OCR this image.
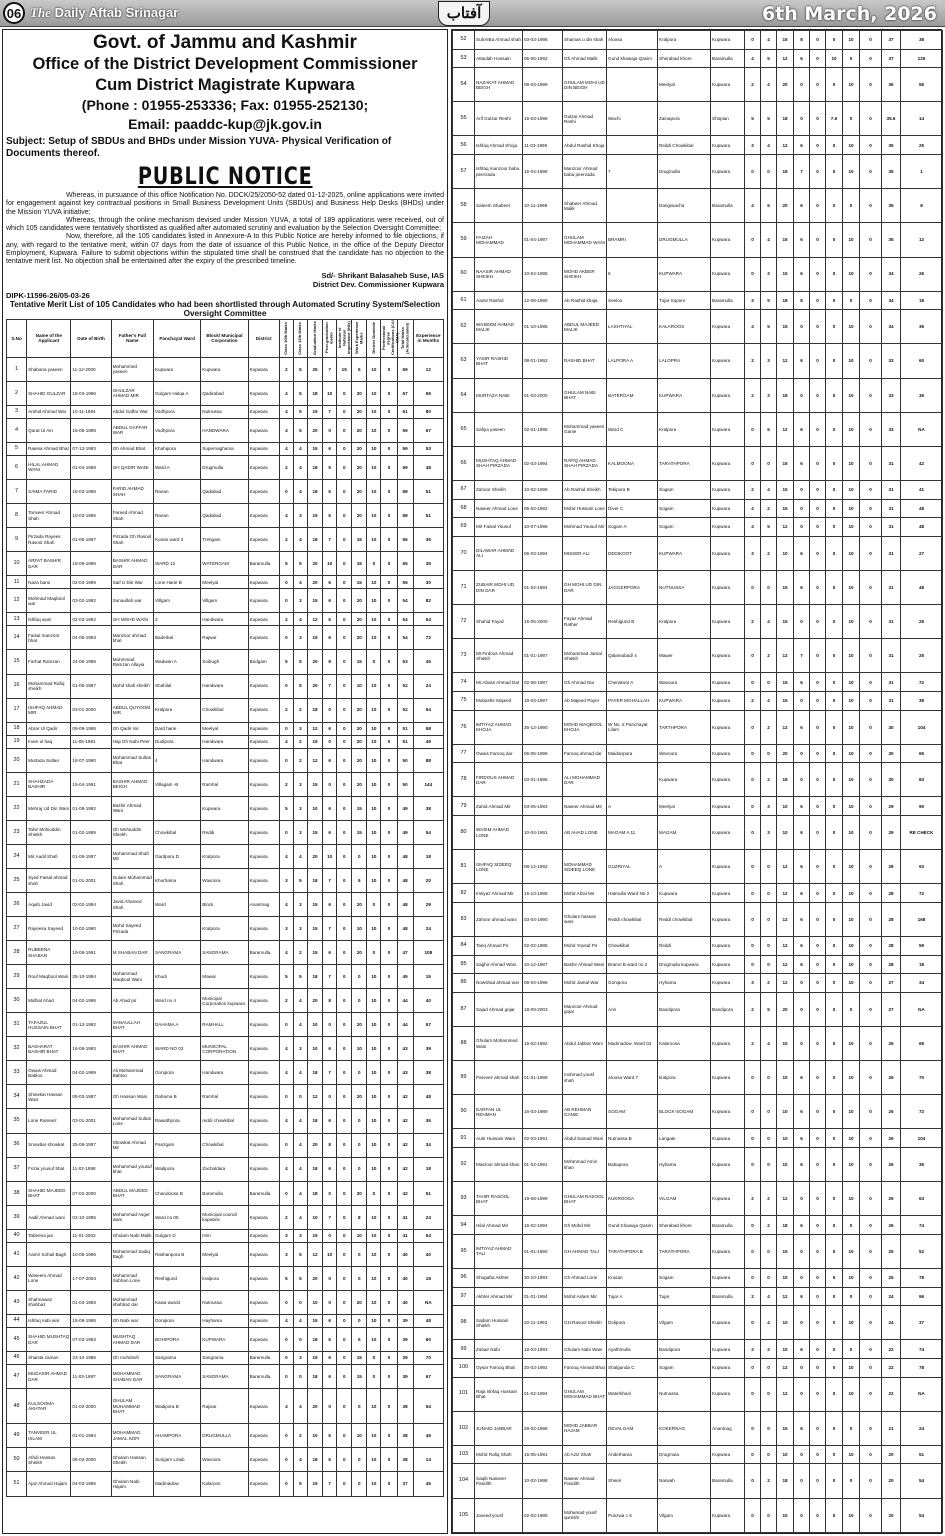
06 The Daily Aftab Srinagar	آفتاب	6th March, 2026
Govt. of Jammu and Kashmir
Office of the District Development Commissioner
Cum District Magistrate Kupwara
(Phone : 01955-253336; Fax: 01955-252130;
Email: paaddc-kup@jk.gov.in
Subject: Setup of SBDUs and BHDs under Mission YUVA- Physical Verification of Documents thereof.
PUBLIC NOTICE

Whereas, in pursuance of this office Notification No. DDCK/25/2050-52 dated 01-12-2025, online applications were invited for engagement against key contractual positions in Small Business Development Units (SBDUs) and Business Help Desks (BHDs) under the Mission YUVA initiative;

Whereas, through the online mechanism devised under Mission YUVA, a total of 189 applications were received, out of which 105 candidates were tentatively shortlisted as qualified after automated scrutiny and evaluation by the Selection Oversight Committee;

Now, therefore, all the 105 candidates listed in Annexure-A to this Public Notice are hereby informed to file objections, if any, with regard to the tentative merit, within 07 days from the date of issuance of this Public Notice, in the office of the Deputy Director Employment, Kupwara. Failure to submit objections within the stipulated time shall be construed that the candidate has no objection to the tentative merit list. No objection shall be entertained after the expiry of the prescribed timeline.

Sd/- Shrikant Balasaheb Suse, IAS
District Dev. Commissioner Kupwara
DIPK-11596-26/05-03-26
Tentative Merit List of 105 Candidates who had been shortlisted through Automated Scrutiny System/Selection Oversight Committee
S.No	Name of the Applicant	Date of Birth	Father's Full Name	Panchayat Ward	Block/ Municipal Corporation	District	Class 10th Marks	Class 12th Marks	Graduation Marks	Post-graduation marks	Institute of National Importance (INIs)	Work Experience Marks	District Domicile	Professional degree Certifications (CA/ CMA)	Total Marks (Autocalculated)	Experience in Months

1	Shabana yaseen	11-12-2000	Mohammed yaseen	Kupwara	Kupwara	Kupwara	2	5	25	7	15	5	10	0	69	12
2	SHAHID GULZAR	18-03-1996	GHULZAR AHMAD MIR	Gulgam Halqa A	Qadirabad	Kupwara	4	5	18	10	0	20	10	0	67	69
3	Arshid Ahmad War	10-11-1994	Abdul Gaffar War	Vodhpora	Nutnussa	Kupwara	4	5	15	7	0	20	10	0	61	80
4	Qurat Ul Ain	15-05-1998	ABDUL GAFFAR WAR	Vodhpora	HANDWARA	Kupwara	4	5	20	0	0	20	10	0	59	67
5	Raiesa Ahmad Bhat	07-12-1993	Gh Ahmad Bhat	Khahipora	Supernaghama	Kupwara	4	4	15	6	0	20	10	0	59	53
6	HILAL AHMAD WANI	01-04-1988	GH QADIR WANI	Ward A	Drugmulla	Kupwara	2	4	18	5	0	20	10	0	59	48
7	SAIMA FARID	15-03-1998	FARID AHMAD SHAH	Ranan	Qadabad	Kupwara	0	4	18	6	0	20	10	0	58	51
8	Tanveer Ahmad Shah	10-03-1995	Fareed Ahmad Shah	Ranan	Qadabad	Kupwara	4	3	15	6	0	20	10	0	58	51
9	Pirzada Rayees Rasool Shah	01-05-1997	Pirzada Gh Rasool Shah	Kunan ward 3	Trehgam	Kupwara	2	4	18	7	0	15	10	0	56	36
10	ARFAT BASHIR DAR	18-09-1996	BASHIR AHMAD DAR	WARD 12	WATERGAM	Baramulla	5	5	20	10	0	15	0	0	55	35
11	Naza bano	02-03-1999	Saif U Din War	Lone Harie B	Meelyal	Kupwara	0	4	20	6	0	15	10	0	55	30
12	Mohmad Maqbool war	03-02-1992	Sunaullah war	Villgam	Villgam	Kupwara	0	3	15	6	0	20	10	0	54	82
13	Ishfaq wani	02-03-1992	GH MOHD WANI	3	Handwara	Kupwara	2	4	12	6	0	20	10	0	54	54
14	Faisal manzoor bhat	04-05-1993	Manzoor ahmad bhat	Baderkal	Rajwar	Kupwara	0	3	15	6	0	20	10	0	54	72
15	Farhat Ramzan	24-06-1996	Mohmmad Ramzan Allayia	Wadwan A	Soibugh	Budgam	5	5	20	8	0	15	0	0	53	45
16	Mohammad Rafiq sheikh	01-05-1997	Mohd shafi sheikh	Shahilal	Handwara	Kupwara	0	5	20	7	0	10	10	0	52	24
17	ISHFAQ AHMAD MIR	03-01-2000	ABDUL QUYOOM MIR	Kralpora	Chowkibal	Kupwara	2	2	18	0	0	20	10	0	52	54
18	Abrar Ul Qadir	09-09-1995	Gh Qadir mir	Dard harie	Meelyal	Kupwara	0	3	12	6	0	20	10	0	51	58
19	Inam ul haq	11-05-1991	Haji Gh Nabi Peer	Dudipora	Handwara	Kupwara	4	2	15	0	0	20	10	0	51	49
20	Murtaza Sultan	18-07-1990	Mohammad Sultan Bhat	4	Handwara	Kupwara	0	2	12	6	0	20	10	0	50	88
21	SHAHZADA BASHIR	15-04-1991	BASHIR AHMAD BEIGH	Villagam -B	Ramhal	Kupwara	2	3	15	0	0	20	10	0	50	144
22	Mehraj Ud Din Wani	01-08-1992	Bashir Ahmad Wani		Kupwara	Kupwara	5	3	10	6	0	15	10	0	49	38
23	Tahir Mohiuddin Shiekh	01-02-1989	Gh Mohiuddin Shiekh	Chowkibal	Reddi	Kupwara	0	3	15	6	0	15	10	0	49	54
24	Mir Aadil Shafi	01-05-1997	Mohammad Shafi Mir	Gardpora D	Kralpora	Kupwara	4	4	20	10	0	0	10	0	48	18
25	Syed Faisal ahmad shah	01-01-2001	Gulam Muhammad Shah	Khurhama	Wavoora	Kupwara	3	5	18	7	0	5	10	0	48	20
26	Aquib Javid	02-02-1994	Javid Ahamed Shah	Ward	Block	Anantnag	4	3	15	6	0	20	0	0	48	29
27	Rayeesa Sayeed	10-02-1990	Mohd Sayeed Pirzada		Kralpora	Kupwara	3	3	15	7	0	10	10	0	48	24
28	RUBEENA SHABAN	19-06-1991	M SHABAN DAR	SANGRAMA	SANGRAMA	Baramulla	4	2	15	6	0	20	0	0	47	108
29	Rouf Maqbool Wani	25-10-1994	Mohammad Maqbool Wani	Khudi	Mawar	Kupwara	5	5	18	7	0	0	10	0	45	15
30	Midhat Ahad	04-02-1996	Ab Ahad pir	Ward no 4	Municipal Corporation kupwara	Kupwara	2	4	20	8	0	0	10	0	44	40
31	TAFAZUL HUSSAIN BHAT	01-12-1992	SANAULLAH BHAT	DAHAMA A	RAMHALL	Kupwara	0	4	10	0	0	20	10	0	44	57
32	BASHARAT BASHIR BHAT	16-06-1993	BASHIR AHMAD BHAT	WARD NO 02	MUNICIPAL CORPORATION	Kupwara	4	3	10	6	0	10	10	0	43	39
33	Owais Ahmad Babloo	04-02-1999	Ali Mohammad Babloo	Gonipora	Handwara	Kupwara	4	4	18	7	0	0	10	0	43	38
34	Showkat Hassan Wani	05-03-1987	Gh Hassan Wani	Dahama B	Ramhal	Kupwara	0	0	12	0	0	20	10	0	42	48
35	Lone Rameez	03-01-2001	Mohammad Sultan Lone	Rawathpora	reddi chowkibal	Kupwara	4	4	18	6	0	0	10	0	42	36
36	Snowbar showkat	25-06-1997	Showkat Ahmad Mir	Panzgam	Chowkibal	Kupwara	0	4	20	8	0	0	10	0	42	34
37	Fozia yousuf bhat	11-02-1998	Mohammad yousuf bhat	Wadipora	Zachaldara	Kupwara	4	4	18	6	0	0	10	0	42	18
38	SHAHID MAJEED BHAT	07-02-2000	ABDUL MAJEED BHAT	Chandoosa B	Baramulla	Baramulla	0	4	18	0	0	20	0	0	42	51
39	Aadil Ahmad wani	02-10-1995	Mohammad Asger wani	Ward no 05	Municipal council kupwara	Kupwara	2	4	10	7	0	8	10	0	41	24
40	Tabeena jan	11-01-2003	Ghulam Nabi Malik	Gulgam D	Hirri	Kupwara	3	3	15	0	0	10	10	0	41	54
41	Aamir Sohail Bagh	10-05-1996	Mohammad Sadiq Bagh	Rashanpora B	Meelyal	Kupwara	3	5	12	10	0	0	10	0	40	40
42	Waseem Ahmad Lone	17-07-2003	Mohammad Subhan Lone	Reshigund	kralpora	Kupwara	5	5	20	0	0	0	10	0	40	18
43	Shahnawaz shahbaz	01-03-1993	Mohammad shahbaz dar	Kawa ward4	Nutnussa	Kupwara	0	0	10	0	0	20	10	0	40	NA
44	Ishfaq nabi war	15-08-1995	Gh Nabi war	Gonipora	Hayhama	Kupwara	4	4	15	6	0	0	10	0	39	48
45	SHAHID MUSHTAQ DAR	07-03-1993	MUSHTAQ AHMAD DAR	BOHIPORA	KUPWARA	Kupwara	0	0	18	6	0	5	10	0	39	60
46	Shaista zaman	23-10-1985	Gh mohdsofi	Sangrama	Sangrama	Baramulla	0	3	15	6	0	15	0	0	39	70
47	MUDASIR AHMAD DAR	11-03-1997	MOHAMMAD SHABAN DAR	SANGRAMA	SANGRAMA	Baramulla	0	0	18	6	0	15	0	0	39	67
48	KULSOOMA AKHTAR	01-02-2000	GHULAM MUHAMMAD BHAT	Wadipora B	Rajwar	Kupwara	4	4	20	0	0	0	10	0	38	54
49	TANVEER UL ISLAM	01-01-1994	MOHAMMAD JAMAL SOFI	AHAMPORA	DRUGMULLA	Kupwara	0	2	10	6	0	10	10	0	38	49
50	Afridi Hassan Sheikh	05-03-2000	Ghulam Hassan Sheikh	Surigam Lolab	Wavoora	Kupwara	0	4	18	6	0	0	10	0	38	14
51	Ajaz Ahmad Hajam	04-03-1995	Ghulam Nabi Hajam	Madmadow	Kalaroos	Kupwara	0	5	15	7	0	0	10	0	37	45
52	SuhAIBa Ahmad shah	03-03-1998	Shamas u din shah	Aloosa	Kralpora	Kupwara	0	4	15	8	0	0	10	0	37	38
53	Attaulah Hussain	05-06-1992	Gh Ahmad Malik	Gund khawaja Qasim	Sherabad khore	Baramulla	4	5	12	6	0	10	0	0	37	125
54	NAZAKAT AHMAD BEIGH	08-03-1999	GHULAM MOHI UD DIN BEIGH		Meelyal	Kupwara	2	4	20	0	0	0	10	0	36	55
55	Arif Gulzar Reshi	15-03-1998	Gulzar Ahmad Reshi	Wachi	Zainapora	Shopian	5	5	18	0	0	7.6	0	0	35.6	14
56	Ishfaq Ahmad Khoja	11-03-1996	Abdul Rashid Khoja		Reddi Chowkibal	Kupwara	3	4	12	6	0	0	10	0	35	25
57	Ishfaq manzoor baba peerzada	15-04-1998	Manzoor Ahmad baba peerzada	7	Drugmulla	Kupwara	0	0	18	7	0	0	10	0	35	1
58	Saleem Shabeer	10-11-1998	Shabeer Ahmad Malik		Dangiwacha	Baramulla	4	5	20	6	0	0	0	0	35	8
59	FAIZAH MOHAMMAD	01-04-1997	GHULAM MOHAMMAD WANI	BRAMRI	DRUGMULLA	Kupwara	0	4	15	6	0	0	10	0	35	12
60	NAASIR AHMAD SHEIKH	10-04-1995	MOHD AKBER SHEIKH	6	KUPWARA	Kupwara	0	3	15	6	0	0	10	0	34	26
61	Aamir Rashid	12-08-1990	Ab Rashid khaja	Seeloo	Tujar Sopore	Baramulla	3	5	18	8	0	0	0	0	34	18
62	WASEEM AHMAD MALIK	01-10-1995	ABDUL MAJEED MALIK	LASHTIYAL	KALAROOS	Kupwara	4	5	15	0	0	0	10	0	34	36
63	YASIR RASHID BHAT	08-01-1992	RASHID BHAT	LALPORA A	LALOPRA	Kupwara	2	3	12	6	0	0	10	0	33	60
64	MURTAZA NABI	01-03-2000	GHULAM NABI BHAT	BATERGAM	KUPWARA	Kupwara	2	3	18	0	0	0	10	0	33	36
65	Safiya yaseen	02-01-1995	Mohammad yaseen Ganie	Ward C	Kralpora	Kupwara	0	5	12	6	0	0	10	0	33	NA
66	MUSHTAQ AHMAD SHAH PIRZADA	02-03-1994	RAFIQ AHMAD SHAH PIRZADA	KALMOONA	TARATHPORA	Kupwara	0	0	15	6	0	0	10	0	31	42
67	Zahoor Sheikh	10-02-1998	Ab Rashid Sheikh	Tekipora B	Sogam	Kupwara	2	4	15	0	0	0	10	0	31	41
68	Naseer Ahmad Lone	05-02-1992	Mohd Hussain Lone	Diver C	Sogam	Kupwara	4	2	15	0	0	0	10	0	31	48
69	Mir Faisal Yousuf	10-07-1996	Mohmad Yousuf Mir	Sogam A	Sogam	Kupwara	4	5	12	0	0	0	10	0	31	48
70	DILAWAR AHMAD ALI	06-03-1994	MISSER ALI	DEDIKOOT	KUPWARA	Kupwara	3	2	10	6	0	0	10	0	31	27
71	ZUBAIR MOHI UD DIN DAR	01-02-1994	GH MOHI UD DIN DAR	JAGGERPORA	NUTNUSSA	Kupwara	0	0	15	6	0	0	10	0	31	48
72	Shahid Fayaz	15-06-2000	Fayaz Ahmad Rather	Reshigund B	Kralpora	Kupwara	2	4	15	0	0	0	10	0	31	25
73	Mr.Firdous Ahmad Shiekh	01-01-1997	Mohammad Jamal Shiekh	Qalamabad/ 4	Mawer	Kupwara	0	2	12	7	0	0	10	0	31	25
74	Mr.Abass Ahmad Dar	02-06-1987	Gh Ahmad Dar	Cherakoot A	Wavoora	Kupwara	0	0	15	6	0	0	10	0	31	72
75	Mubashir Majeed	18-03-1997	Ab Majeed Payer	PAYER MOHALLAH	KUPWARA	Kupwara	2	4	15	0	0	0	10	0	31	39
76	IMTIYAZ AHMAD KHOJA	26-12-1990	MOHD MAQBOOL KHOJA	W No. 5 Panchayat Lilam	TARTHPORA	Kupwara	0	2	12	6	0	0	10	0	30	104
77	Owais Farooq dar	06-05-1996	Farooq ahmad dar	Maidanpora	Wavoora	Kupwara	0	0	20	0	0	0	10	0	30	65
78	FIRDOUS AHMAD DAR	03-01-1996	ALI MOHAMMAD DAR		Kupwara	Kupwara	0	2	18	0	0	0	10	0	30	83
79	Zahid Ahmad Mir	03-05-1993	Naseer Ahmad Mir	A	Meelyal	Kupwara	0	3	10	6	0	0	10	0	29	90
80	WASIM AHMAD LONE	10-04-1991	AB AHAD LONE	MAGAM A 11	MAGAM	Kupwara	0	3	10	6	0	0	10	0	29	RE CHECK
81	ISHFAQ SIDEEQ LONE	08-12-1992	MOHAMMAD SIDEEQ LONE	GUZRIYAL	A	Kupwara	0	0	12	6	0	0	10	0	28	93
82	Imtiyaz Ahmad Mir	15-10-1986	Mohd Afzal Mir	Hatmulla Ward No 2	Kupwara	Kupwara	0	0	12	6	0	0	10	0	28	72
83	Zahoor ahmad wani	03-04-1990	Ghulam hassan wani	Reddi chowkibal	Reddi chowkibal	Kupwara	0	0	12	6	0	0	10	0	28	168
84	Tariq Ahmad Pir	02-02-1985	Mohd Yousaf Pir	Chowkibal	Reddi	Kupwara	0	0	12	6	0	0	10	0	28	59
85	Saghir Ahmad Wani	10-12-1987	Bashir Ahmad Wani	Bramri B ward no 2	Drugmulla kupwara	Kupwara	0	0	12	6	0	0	10	0	28	18
86	Nowshad ahmad war	06-04-1996	Mohd Jamal War	Gonipora	Hyhama	Kupwara	3	2	12	0	0	0	10	0	27	34
87	Sajad Ahmad gojar	18-09-2003	Manzoor Ahmad gojar	Arin	Bandipora	Bandipora	2	5	20	0	0	0	0	0	27	NA
88	Ghulam Mohammed Wani	15-02-1992	Abdul Jabbar Wani	Madmadow. Ward 03	Kalaroosa	Kupwara	2	4	10	0	0	0	10	0	26	69
89	Parveez ahmad shah	01-01-1989	mohmad yousf shah	Aloosa Ward 7	kralpora	Kupwara	0	0	10	6	0	0	10	0	26	70
90	EARFAN UL REHMAN	16-03-1989	AB REHMAN GANIE	SOGAM	BLOCK-SOGAM	Kupwara	0	0	10	6	0	0	10	0	26	72
91	Autir Hussain Wani	02-03-1991	Abdul Samad Wani	Nutnussa B	Langate	Kupwara	0	0	10	6	0	0	10	0	26	104
92	Masroor ahmad khan	01-02-1991	Mohmmad Amin khan	Babapora	Hyhama	Kupwara	0	0	10	6	0	0	10	0	26	36
93	TAHIR RASOOL BHAT	19-08-1999	GHULAM RASOOL BHAT	KUKROOSA	VILGAM	Kupwara	2	2	12	0	0	0	10	0	26	63
94	Hilal Ahmad Mir	16-02-1994	Gh Mohd Mir	Gund Khawaja Qasim	Sherabad khore	Baramulla	0	2	18	6	0	0	0	0	26	74
95	IMTIYAZ AHMAD TALI	01-01-1990	GH AHMAD TALI	TARATHPORA B	TARATHPORA	Kupwara	0	0	15	0	0	0	10	0	25	52
96	Shugafta Akhter	30-10-1993	Gh Ahmad Lone	Krusan	Sogam	Kupwara	0	0	10	0	0	5	10	0	25	78
97	Akhter Ahmad Mir	01-01-1994	Mohd Aslam Mir	Tujar A	Tujar	Baramulla	2	4	12	6	0	0	0	0	24	96
98	Sadam Hussain Shiekh	20-11-1993	GH.Rasool Shiekh	Dolipora	Vilgam	Kupwara	0	4	10	0	0	0	10	0	24	37
99	Zubair Nabi	18-03-1993	Ghulam Nabi Wani	Ayathmulla	Bandipora	Kupwara	3	3	10	6	0	0	0	0	22	74
100	Oysar Farooq Bhat	20-03-1992	Farooq Ahmad Bhat	Shalgunda C	Sogam	Kupwara	0	0	12	0	0	0	10	0	22	78
101	Raja Ishfaq Hussain Bhat	01-02-1994	GHULAM MOHAMMAD BHAT	Waterkhani	Nutnussa	Kupwara	0	0	12	0	0	0	10	0	22	NA
102	JUNAID JABBAR	28-02-1998	MOHD JABBAR HAJAM	DEVALGAM	KOKERNAG	Anantnag	0	0	15	6	0	0	0	0	21	24
103	Mohd Rafiq Shah	15-05-1991	Ab Aziz Shah	Anderhama	Drugmula	Kupwara	0	0	10	0	0	0	10	0	20	51
104	Saqib Nasseer Pandith	10-02-1998	Naseer Ahmad Pandith	Sheeri	Narwah	Baramulla	0	2	18	0	0	0	0	0	20	54
105	Javeed yousf	02-02-1989	Mohamad yousf qureshi	Punzwa c 6	Vilgam	Kupwara	0	0	10	0	0	0	10	0	20	54
